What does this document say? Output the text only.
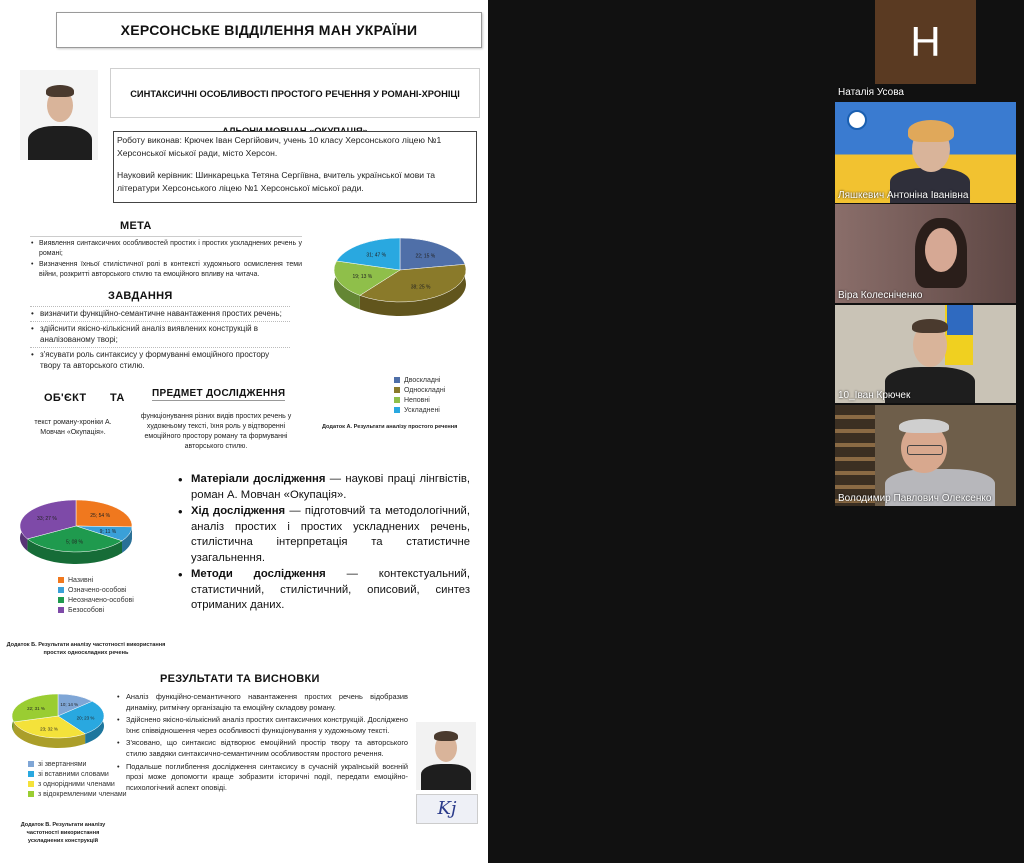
ХЕРСОНСЬКЕ ВІДДІЛЕННЯ МАН УКРАЇНИ
СИНТАКСИЧНІ ОСОБЛИВОСТІ ПРОСТОГО РЕЧЕННЯ У РОМАНІ-ХРОНІЦІ

Роботу виконав: Крючек Іван Сергійович, учень 10 класу Херсонського ліцею №1 Херсонської міської ради, місто Херсон.

Науковий керівник: Шинкарецька Тетяна Сергіївна, вчитель української мови та літератури Херсонського ліцею №1 Херсонської міської ради.

МЕТА
• Виявлення синтаксичних особливостей простих і простих ускладнених речень у романі;
• Визначення їхньої стилістичної ролі в контексті художнього осмислення теми війни, розкритті авторського стилю та емоційного впливу на читача.
ЗАВДАННЯ
• визначити функційно-семантичне навантаження простих речень;
• здійснити якісно-кількісний аналіз виявлених конструкцій в аналізованому творі;
• з'ясувати роль синтаксису у формуванні емоційного простору твору та авторського стилю.
22; 15 %
38; 25 %
19; 13 %
31; 47 %
Двоскладні
Односкладні
Неповні
Ускладнені
Додаток А. Результати аналізу простого речення
ОБ'ЄКТ ТА	ПРЕДМЕТ ДОСЛІДЖЕННЯ
текст роману-хроніки А. Мовчан «Окупація».
функціонування різних видів простих речень у художньому тексті, їхня роль у відтворенні емоційного простору роману та формуванні авторського стилю.
• Матеріали дослідження — наукові праці лінгвістів, роман А. Мовчан «Окупація».
• Хід дослідження — підготовчий та методологічний, аналіз простих і простих ускладнених речень, стилістична інтерпретація та статистичне узагальнення.
• Методи дослідження — контекстуальний, статистичний, стилістичний, описовий, синтез отриманих даних.
25; 54 %
9; 11 %
5; 08 %
33; 27 %
Називні
Означено-особові
Неозначено-особові
Безособові
Додаток Б. Результати аналізу частотності використання простих односкладних речень
РЕЗУЛЬТАТИ ТА ВИСНОВКИ
10; 14 %
20; 23 %
23; 32 %
22; 31 %
зі звертаннями
зі вставними словами
з однорідними членами
з відокремленими членами
Додаток В. Результати аналізу частотності використання ускладнених конструкцій
• Аналіз функційно-семантичного навантаження простих речень відобразив динаміку, ритмічну організацію та емоційну складову роману.
• Здійснено якісно-кількісний аналіз простих синтаксичних конструкцій. Досліджено їхнє співвідношення через особливості функціонування у художньому тексті.
• З'ясовано, що синтаксис відтворює емоційний простір твору та авторського стилю завдяки синтаксично-семантичним особливостям простого речення.
• Подальше поглиблення дослідження синтаксису в сучасній українській воєнній прозі може допомогти краще зобразити історичні події, передати емоційно-психологічний аспект оповіді.
Kj
Н
Наталія Усова
Ляшкевич Антоніна Іванівна
Віра Колесніченко
10_Іван Крючек
Володимир Павлович Олексенко
